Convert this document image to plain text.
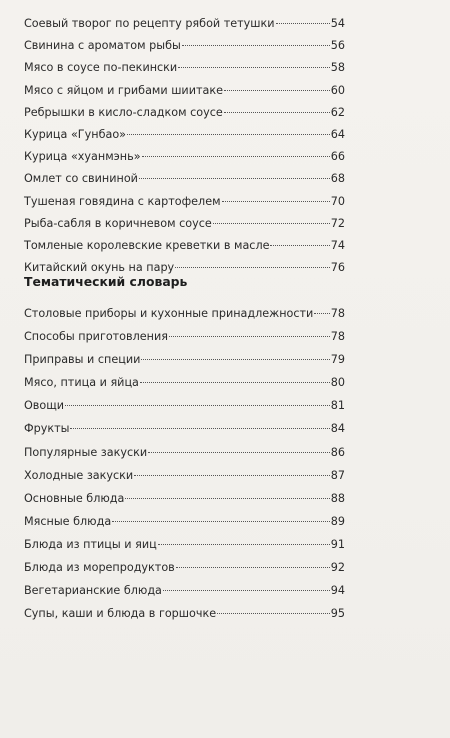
Соевый творог по рецепту рябой тетушки	54
Свинина с ароматом рыбы	56
Мясо в соусе по-пекински	58
Мясо с яйцом и грибами шиитаке	60
Ребрышки в кисло-сладком соусе	62
Курица «Гунбао»	64
Курица «хуанмэнь»	66
Омлет со свининой	68
Тушеная говядина с картофелем	70
Рыба-сабля в коричневом соусе	72
Томленые королевские креветки в масле	74
Китайский окунь на пару	76
Тематический словарь
Столовые приборы и кухонные принадлежности 78
Способы приготовления	78
Приправы и специи	79
Мясо, птица и яйца	80
Овощи	81
Фрукты	84
Популярные закуски	86
Холодные закуски	87
Основные блюда	88
Мясные блюда	89
Блюда из птицы и яиц	91
Блюда из морепродуктов	92
Вегетарианские блюда	94
Супы, каши и блюда в горшочке	95
